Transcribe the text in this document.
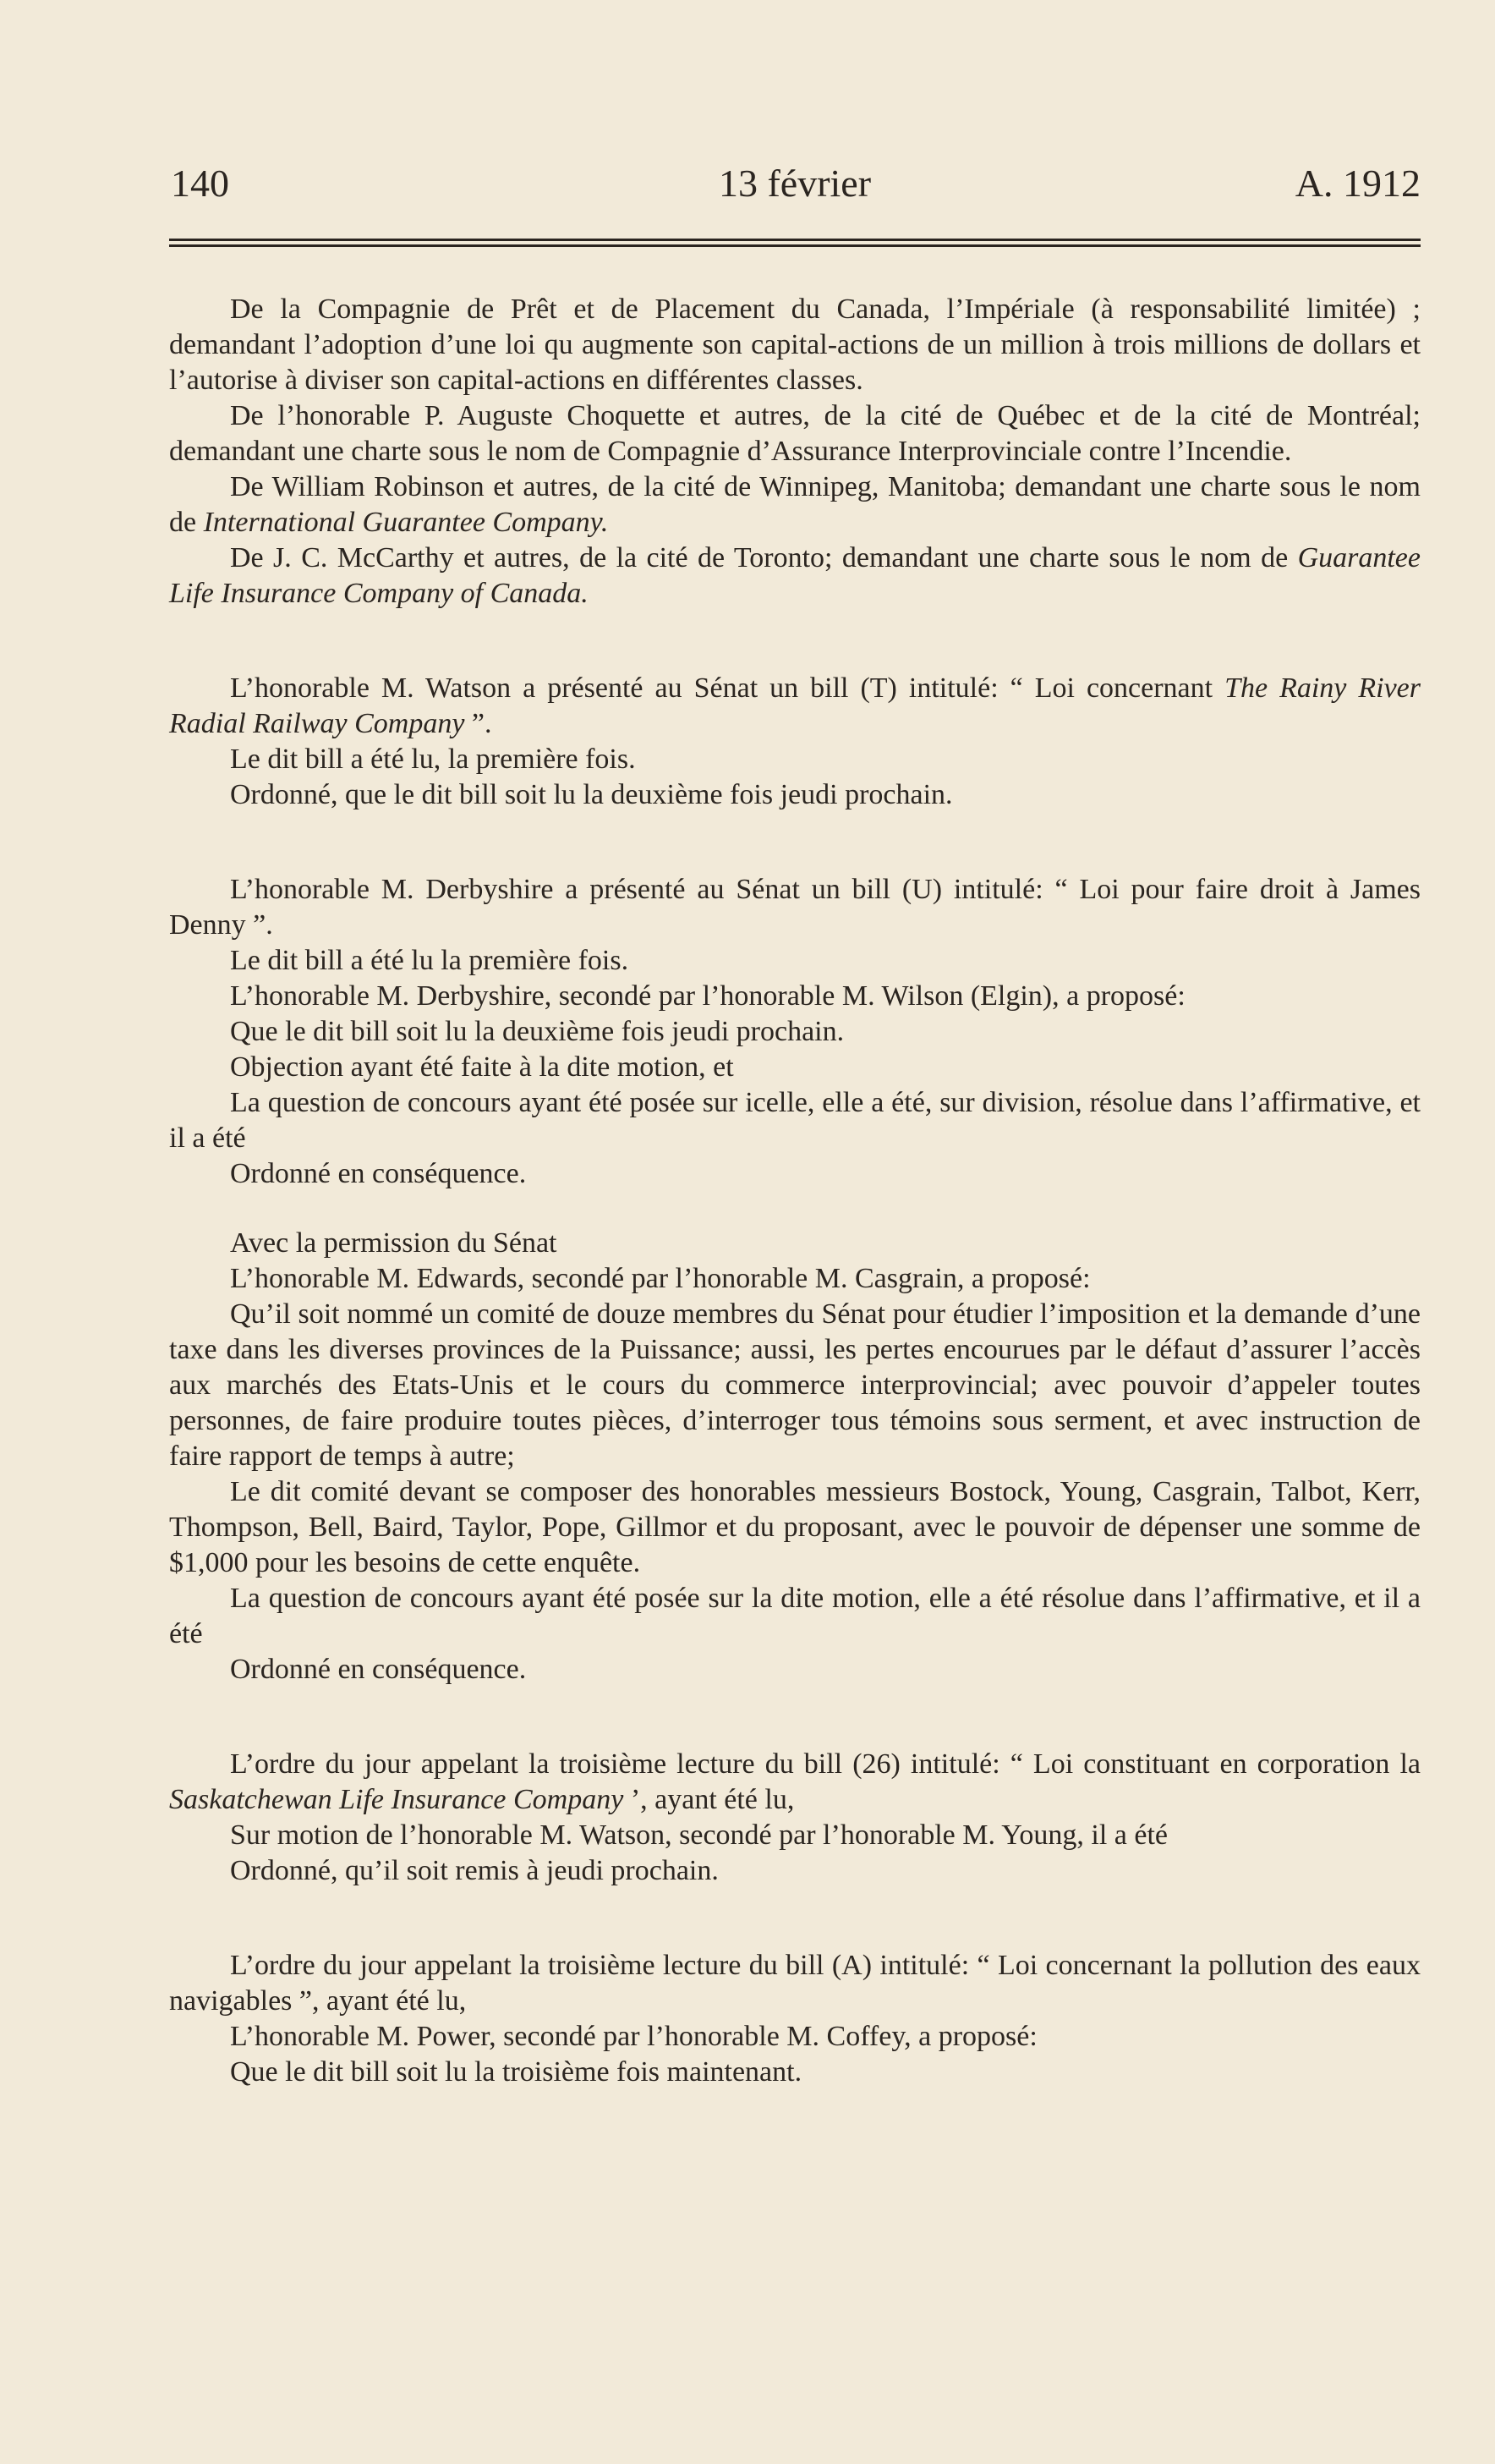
140	13 février	A. 1912

De la Compagnie de Prêt et de Placement du Canada, l’Impériale (à responsabilité limitée) ; demandant l’adoption d’une loi qu augmente son capital-actions de un million à trois millions de dollars et l’autorise à diviser son capital-actions en différentes classes.

De l’honorable P. Auguste Choquette et autres, de la cité de Québec et de la cité de Montréal; demandant une charte sous le nom de Compagnie d’Assurance Interprovinciale contre l’Incendie.

De William Robinson et autres, de la cité de Winnipeg, Manitoba; demandant une charte sous le nom de International Guarantee Company.

De J. C. McCarthy et autres, de la cité de Toronto; demandant une charte sous le nom de Guarantee Life Insurance Company of Canada.

L’honorable M. Watson a présenté au Sénat un bill (T) intitulé: “ Loi concernant The Rainy River Radial Railway Company ”.

Le dit bill a été lu, la première fois.

Ordonné, que le dit bill soit lu la deuxième fois jeudi prochain.

L’honorable M. Derbyshire a présenté au Sénat un bill (U) intitulé: “ Loi pour faire droit à James Denny ”.

Le dit bill a été lu la première fois.

L’honorable M. Derbyshire, secondé par l’honorable M. Wilson (Elgin), a proposé:

Que le dit bill soit lu la deuxième fois jeudi prochain.

Objection ayant été faite à la dite motion, et

La question de concours ayant été posée sur icelle, elle a été, sur division, résolue dans l’affirmative, et il a été

Ordonné en conséquence.

Avec la permission du Sénat

L’honorable M. Edwards, secondé par l’honorable M. Casgrain, a proposé:

Qu’il soit nommé un comité de douze membres du Sénat pour étudier l’imposition et la demande d’une taxe dans les diverses provinces de la Puissance; aussi, les pertes encourues par le défaut d’assurer l’accès aux marchés des Etats-Unis et le cours du commerce interprovincial; avec pouvoir d’appeler toutes personnes, de faire produire toutes pièces, d’interroger tous témoins sous serment, et avec instruction de faire rapport de temps à autre;

Le dit comité devant se composer des honorables messieurs Bostock, Young, Casgrain, Talbot, Kerr, Thompson, Bell, Baird, Taylor, Pope, Gillmor et du proposant, avec le pouvoir de dépenser une somme de $1,000 pour les besoins de cette enquête.

La question de concours ayant été posée sur la dite motion, elle a été résolue dans l’affirmative, et il a été

Ordonné en conséquence.

L’ordre du jour appelant la troisième lecture du bill (26) intitulé: “ Loi constituant en corporation la Saskatchewan Life Insurance Company ’, ayant été lu,

Sur motion de l’honorable M. Watson, secondé par l’honorable M. Young, il a été

Ordonné, qu’il soit remis à jeudi prochain.

L’ordre du jour appelant la troisième lecture du bill (A) intitulé: “ Loi concernant la pollution des eaux navigables ”, ayant été lu,

L’honorable M. Power, secondé par l’honorable M. Coffey, a proposé:

Que le dit bill soit lu la troisième fois maintenant.
